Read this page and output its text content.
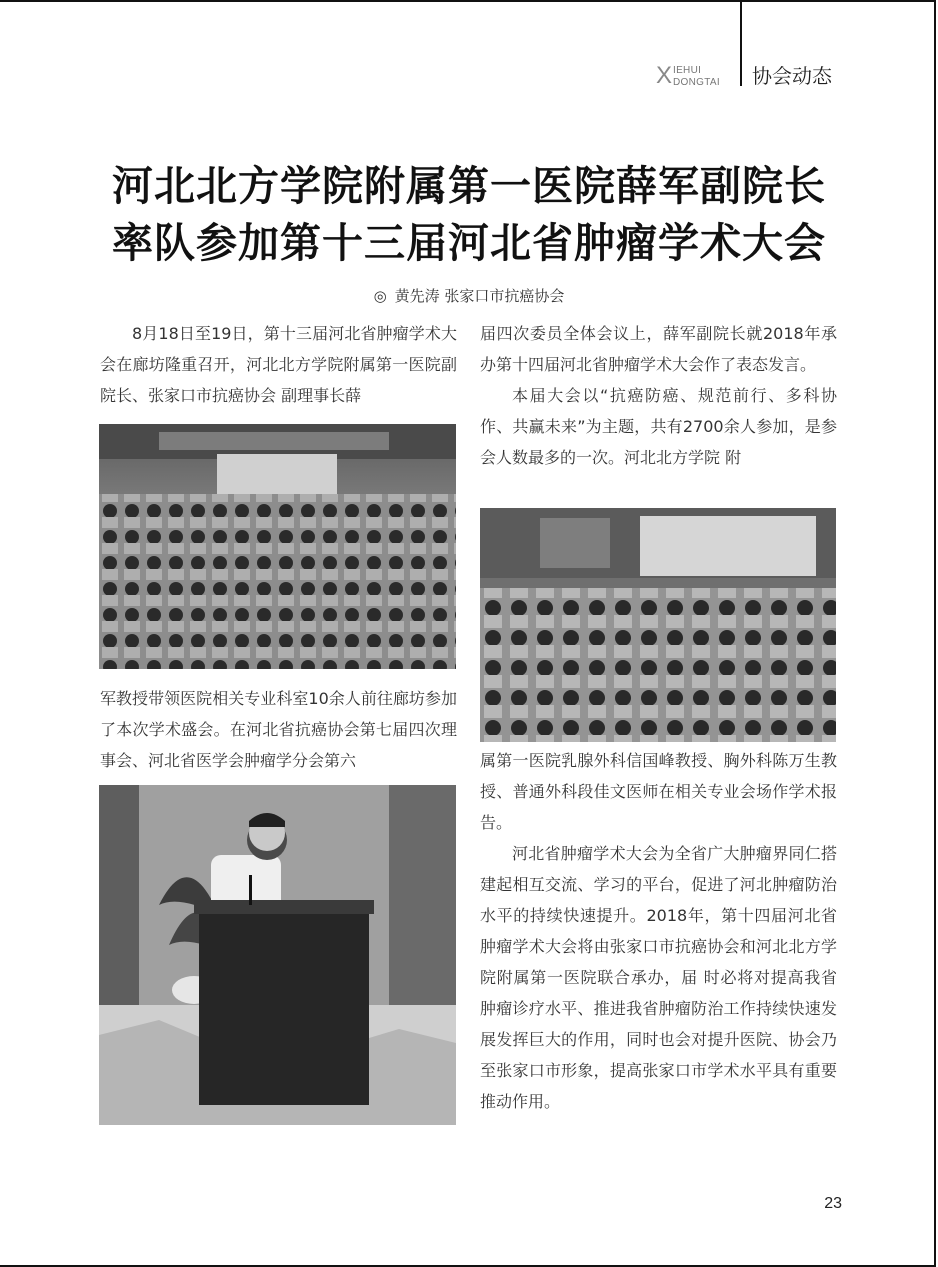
X IEHUI
DONGTAI 协会动态
河北北方学院附属第一医院薛军副院长
率队参加第十三届河北省肿瘤学术大会
◎ 黄先涛 张家口市抗癌协会

8月18日至19日，第十三届河北省肿瘤学术大会在廊坊隆重召开，河北北方学院附属第一医院副院长、张家口市抗癌协会 副理事长薛

军教授带领医院相关专业科室10余人前往廊坊参加了本次学术盛会。在河北省抗癌协会第七届四次理事会、河北省医学会肿瘤学分会第六

届四次委员全体会议上，薛军副院长就2018年承办第十四届河北省肿瘤学术大会作了表态发言。

本届大会以“抗癌防癌、规范前行、多科协作、共赢未来”为主题，共有2700余人参加，是参会人数最多的一次。河北北方学院 附

属第一医院乳腺外科信国峰教授、胸外科陈万生教授、普通外科段佳文医师在相关专业会场作学术报告。

河北省肿瘤学术大会为全省广大肿瘤界同仁搭建起相互交流、学习的平台，促进了河北肿瘤防治水平的持续快速提升。2018年，第十四届河北省肿瘤学术大会将由张家口市抗癌协会和河北北方学院附属第一医院联合承办，届 时必将对提高我省肿瘤诊疗水平、推进我省肿瘤防治工作持续快速发展发挥巨大的作用，同时也会对提升医院、协会乃至张家口市形象，提高张家口市学术水平具有重要推动作用。

23
